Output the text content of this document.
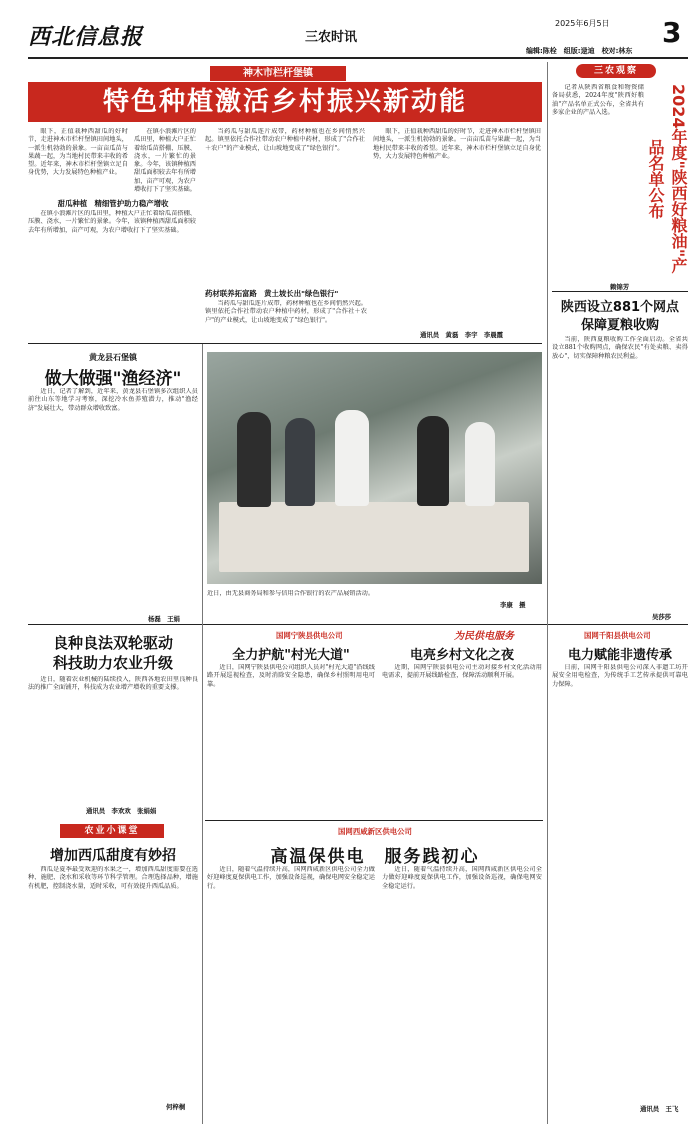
西北信息报	三农时讯
2025年6月5日 3
编辑:陈栓　组版:逯迪　校对:林东
神木市栏杆堡镇
特色种植激活乡村振兴新动能

眼下，正值栽种西甜瓜的好时节，走进神木市栏杆堡镇田间地头，一派生机勃勃的景象。一亩亩瓜苗与果蔬一起，为当地村民带来丰收的希望。近年来，神木市栏杆堡镇立足自身优势，大力发展特色种植产业。

甜瓜种植　精细管护助力稳产增收

在镇小浪滩片区的瓜田里，种植大户正忙着给瓜苗搭棚、压膜、浇水，一片繁忙的景象。今年，该镇种植西甜瓜面积较去年有所增加，亩产可观，为农户增收打下了坚实基础。

在镇小浪滩片区的瓜田里，种植大户正忙着给瓜苗搭棚、压膜、浇水，一片繁忙的景象。今年，该镇种植西甜瓜面积较去年有所增加，亩产可观，为农户增收打下了坚实基础。

当药瓜与甜瓜连片成带，药材种植也在乡间悄然兴起。镇里依托合作社带动农户种植中药材，形成了"合作社＋农户"的产业模式，让山坡地变成了"绿色银行"。

药材联养拓富路　黄土坡长出"绿色银行"

当药瓜与甜瓜连片成带，药材种植也在乡间悄然兴起。镇里依托合作社带动农户种植中药材，形成了"合作社＋农户"的产业模式，让山坡地变成了"绿色银行"。

眼下，正值栽种西甜瓜的好时节，走进神木市栏杆堡镇田间地头，一派生机勃勃的景象。一亩亩瓜苗与果蔬一起，为当地村民带来丰收的希望。近年来，神木市栏杆堡镇立足自身优势，大力发展特色种植产业。

通讯员　黄磊　李宇　李晨霞
黄龙县石堡镇
做大做强"渔经济"

近日，记者了解到，近年来，黄龙县石堡镇多次组织人员前往山东等地学习考察，深挖冷水鱼养殖潜力，推动"渔经济"发展壮大，带动群众增收致富。

杨磊　王娟
近日，由无县商务局和参与信用合作银行的农产品展销活动。
李康　摄
良种良法双轮驱动
科技助力农业升级

近日，随着农业机械的陆续投入，陕西各地农田里良种良法的推广全面铺开，科技成为农业增产增收的重要支撑。

通讯员　李欢欢　张娟娟
农业小课堂
增加西瓜甜度有妙招

西瓜是夏季最受欢迎的水果之一，增加西瓜甜度需要在选种、施肥、浇水和采收等环节科学管理。合理选择品种，增施有机肥，控制浇水量，适时采收，可有效提升西瓜品质。

何梓桐
三农观察
2024年度"陕西好粮油"产品名单公布

记者从陕西省粮食和物资储备局获悉，2024年度"陕西好粮油"产品名单正式公布，全省共有多家企业的产品入选。

赖锦芳
陕西设立881个网点
保障夏粮收购

当前，陕西夏粮收购工作全面启动。全省共设立881个收购网点，确保农民"有处卖粮、卖得放心"，切实保障种粮农民利益。

吴莎莎
国网宁陕县供电公司	为民供电服务	国网千阳县供电公司
全力护航"村光大道"

近日，国网宁陕县供电公司组织人员对"村光大道"沿线线路开展巡视检查，及时消除安全隐患，确保乡村照明用电可靠。

电亮乡村文化之夜

近期，国网宁陕县供电公司主动对接乡村文化活动用电需求，提前开展线路检查，保障活动顺利开展。

电力赋能非遗传承

日前，国网千阳县供电公司深入非遗工坊开展安全用电检查，为传统手工艺传承提供可靠电力保障。

通讯员　王飞
国网西咸新区供电公司
高温保供电　服务践初心

近日，随着气温持续升高，国网西咸新区供电公司全力做好迎峰度夏保供电工作，加强设备巡视，确保电网安全稳定运行。

近日，随着气温持续升高，国网西咸新区供电公司全力做好迎峰度夏保供电工作，加强设备巡视，确保电网安全稳定运行。
